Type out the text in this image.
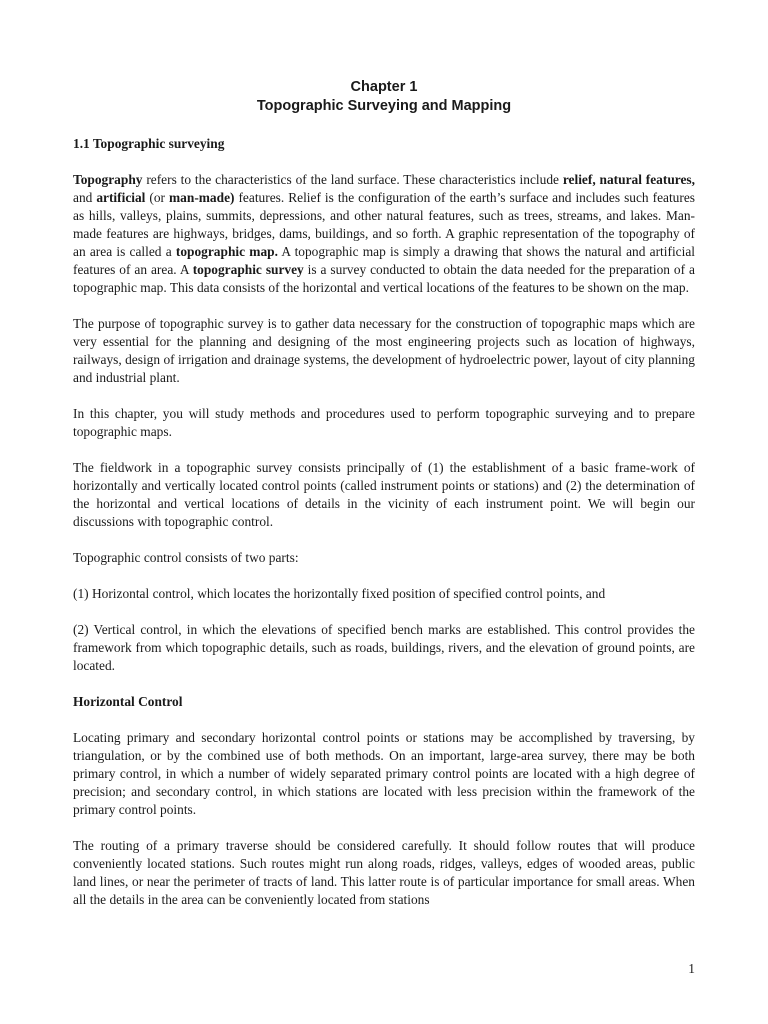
Chapter 1
Topographic Surveying and Mapping
1.1 Topographic surveying

Topography refers to the characteristics of the land surface. These characteristics include relief, natural features, and artificial (or man-made) features. Relief is the configuration of the earth’s surface and includes such features as hills, valleys, plains, summits, depressions, and other natural features, such as trees, streams, and lakes. Man-made features are highways, bridges, dams, buildings, and so forth. A graphic representation of the topography of an area is called a topographic map. A topographic map is simply a drawing that shows the natural and artificial features of an area. A topographic survey is a survey conducted to obtain the data needed for the preparation of a topographic map. This data consists of the horizontal and vertical locations of the features to be shown on the map.

The purpose of topographic survey is to gather data necessary for the construction of topographic maps which are very essential for the planning and designing of the most engineering projects such as location of highways, railways, design of irrigation and drainage systems, the development of hydroelectric power, layout of city planning and industrial plant.

In this chapter, you will study methods and procedures used to perform topographic surveying and to prepare topographic maps.

The fieldwork in a topographic survey consists principally of (1) the establishment of a basic frame-work of horizontally and vertically located control points (called instrument points or stations) and (2) the determination of the horizontal and vertical locations of details in the vicinity of each instrument point. We will begin our discussions with topographic control.

Topographic control consists of two parts:

(1) Horizontal control, which locates the horizontally fixed position of specified control points, and

(2) Vertical control, in which the elevations of specified bench marks are established. This control provides the framework from which topographic details, such as roads, buildings, rivers, and the elevation of ground points, are located.

Horizontal Control

Locating primary and secondary horizontal control points or stations may be accomplished by traversing, by triangulation, or by the combined use of both methods. On an important, large-area survey, there may be both primary control, in which a number of widely separated primary control points are located with a high degree of precision; and secondary control, in which stations are located with less precision within the framework of the primary control points.

The routing of a primary traverse should be considered carefully. It should follow routes that will produce conveniently located stations. Such routes might run along roads, ridges, valleys, edges of wooded areas, public land lines, or near the perimeter of tracts of land. This latter route is of particular importance for small areas. When all the details in the area can be conveniently located from stations

1
